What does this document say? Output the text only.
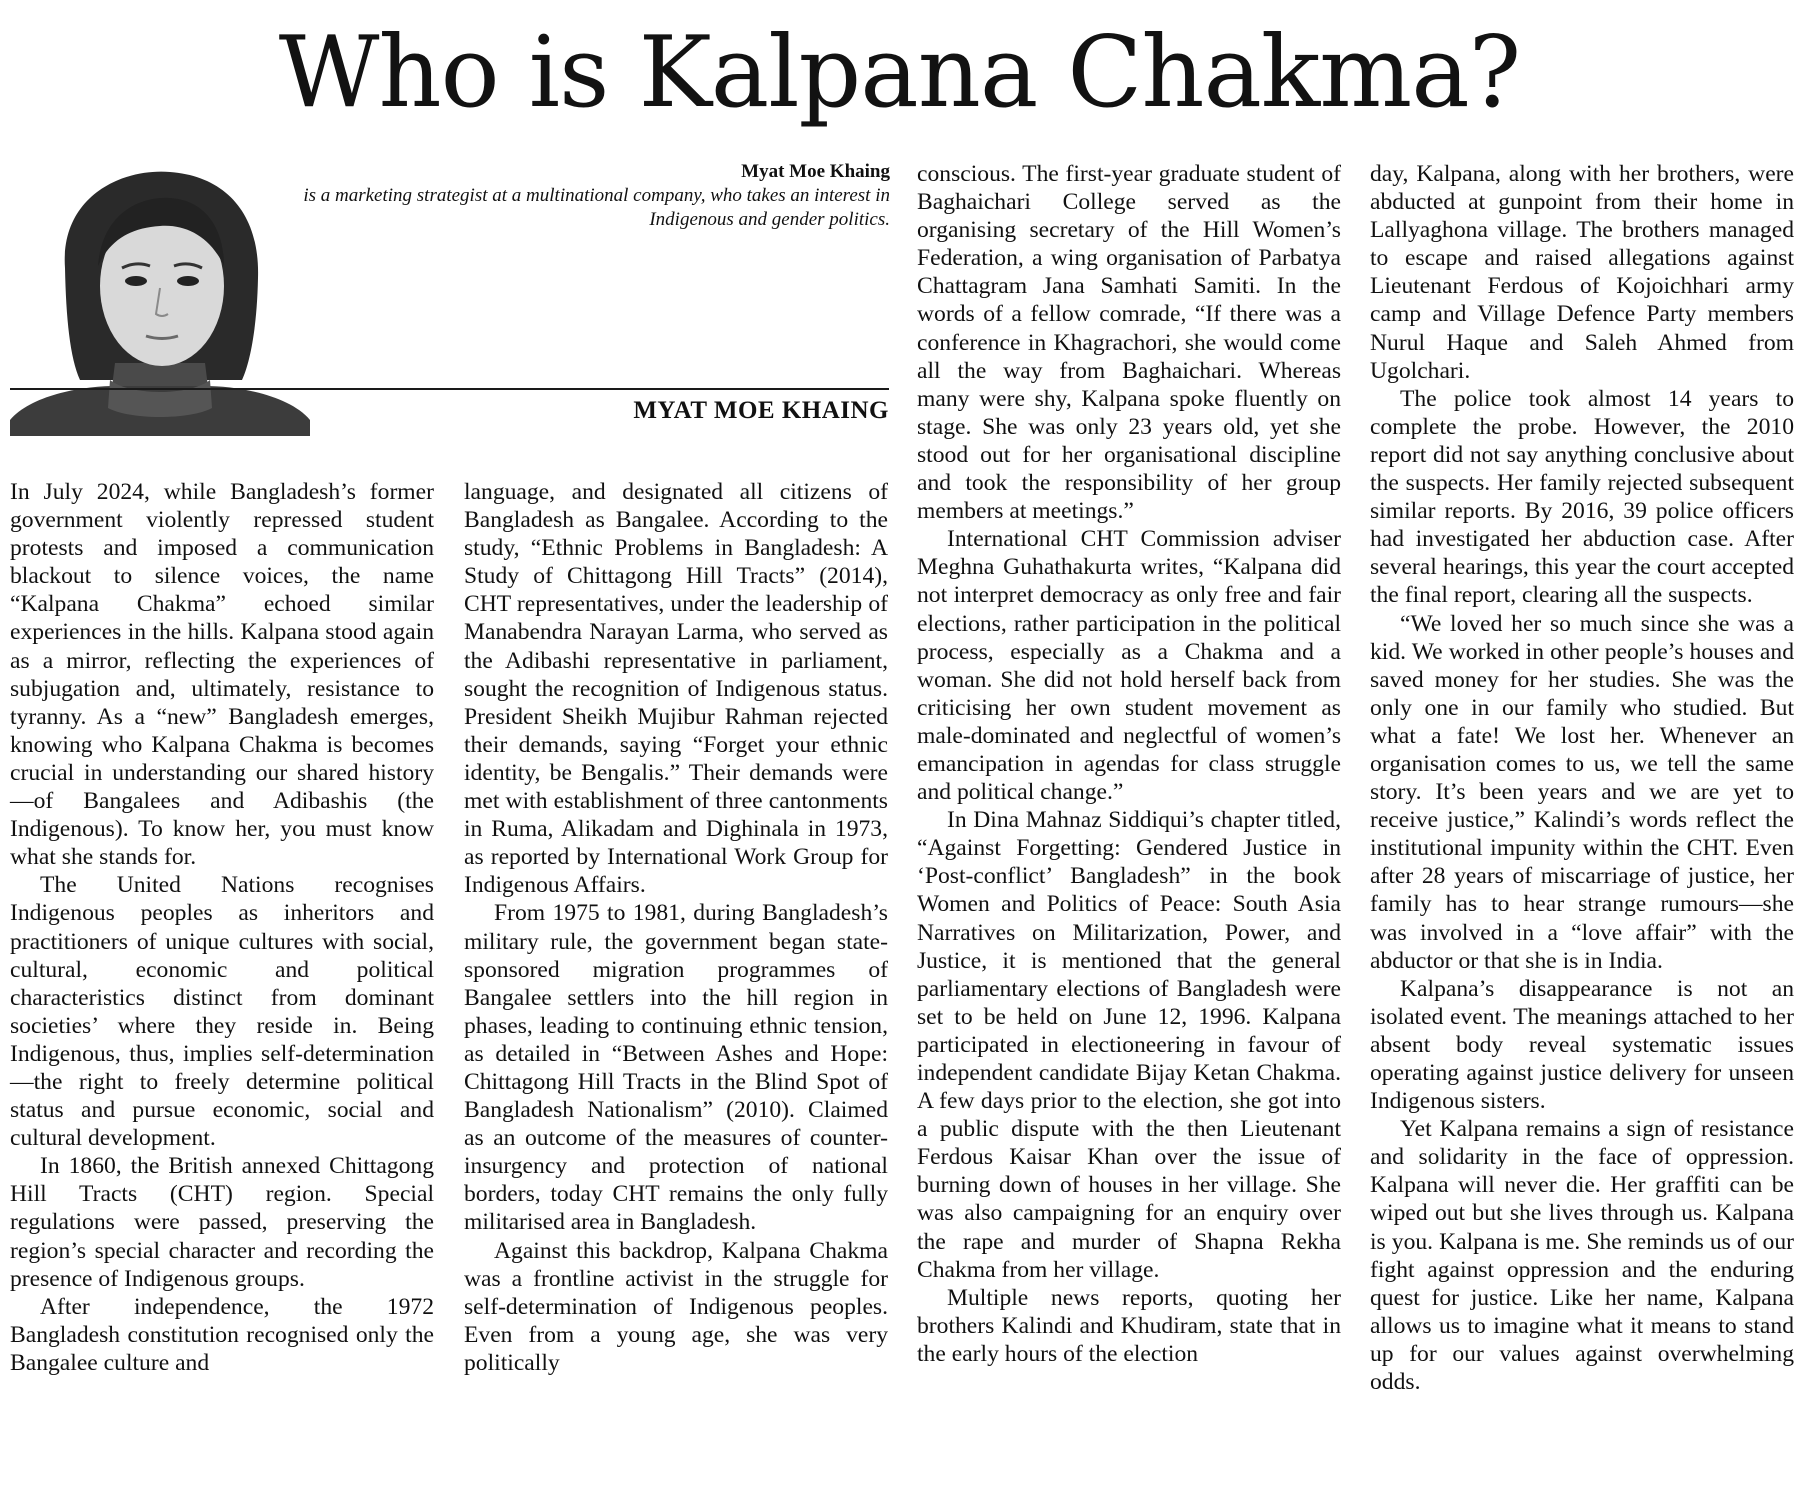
Who is Kalpana Chakma?
Myat Moe Khaing
is a marketing strategist at a multinational company, who takes an interest in Indigenous and gender politics.
MYAT MOE KHAING

In July 2024, while Bangladesh’s former government violently repressed student protests and imposed a communication blackout to silence voices, the name “Kalpana Chakma” echoed similar experiences in the hills. Kalpana stood again as a mirror, reflecting the experiences of subjugation and, ultimately, resistance to tyranny. As a “new” Bangladesh emerges, knowing who Kalpana Chakma is becomes crucial in understanding our shared history—of Bangalees and Adibashis (the Indigenous). To know her, you must know what she stands for.

The United Nations recognises Indigenous peoples as inheritors and practitioners of unique cultures with social, cultural, economic and political characteristics distinct from dominant societies’ where they reside in. Being Indigenous, thus, implies self-determination—the right to freely determine political status and pursue economic, social and cultural development.

In 1860, the British annexed Chittagong Hill Tracts (CHT) region. Special regulations were passed, preserving the region’s special character and recording the presence of Indigenous groups.

After independence, the 1972 Bangladesh constitution recognised only the Bangalee culture and

language, and designated all citizens of Bangladesh as Bangalee. According to the study, “Ethnic Problems in Bangladesh: A Study of Chittagong Hill Tracts” (2014), CHT representatives, under the leadership of Manabendra Narayan Larma, who served as the Adibashi representative in parliament, sought the recognition of Indigenous status. President Sheikh Mujibur Rahman rejected their demands, saying “Forget your ethnic identity, be Bengalis.” Their demands were met with establishment of three cantonments in Ruma, Alikadam and Dighinala in 1973, as reported by International Work Group for Indigenous Affairs.

From 1975 to 1981, during Bangladesh’s military rule, the government began state-sponsored migration programmes of Bangalee settlers into the hill region in phases, leading to continuing ethnic tension, as detailed in “Between Ashes and Hope: Chittagong Hill Tracts in the Blind Spot of Bangladesh Nationalism” (2010). Claimed as an outcome of the measures of counter-insurgency and protection of national borders, today CHT remains the only fully militarised area in Bangladesh.

Against this backdrop, Kalpana Chakma was a frontline activist in the struggle for self-determination of Indigenous peoples. Even from a young age, she was very politically

conscious. The first-year graduate student of Baghaichari College served as the organising secretary of the Hill Women’s Federation, a wing organisation of Parbatya Chattagram Jana Samhati Samiti. In the words of a fellow comrade, “If there was a conference in Khagrachori, she would come all the way from Baghaichari. Whereas many were shy, Kalpana spoke fluently on stage. She was only 23 years old, yet she stood out for her organisational discipline and took the responsibility of her group members at meetings.”

International CHT Commission adviser Meghna Guhathakurta writes, “Kalpana did not interpret democracy as only free and fair elections, rather participation in the political process, especially as a Chakma and a woman. She did not hold herself back from criticising her own student movement as male-dominated and neglectful of women’s emancipation in agendas for class struggle and political change.”

In Dina Mahnaz Siddiqui’s chapter titled, “Against Forgetting: Gendered Justice in ‘Post-conflict’ Bangladesh” in the book Women and Politics of Peace: South Asia Narratives on Militarization, Power, and Justice, it is mentioned that the general parliamentary elections of Bangladesh were set to be held on June 12, 1996. Kalpana participated in electioneering in favour of independent candidate Bijay Ketan Chakma. A few days prior to the election, she got into a public dispute with the then Lieutenant Ferdous Kaisar Khan over the issue of burning down of houses in her village. She was also campaigning for an enquiry over the rape and murder of Shapna Rekha Chakma from her village.

Multiple news reports, quoting her brothers Kalindi and Khudiram, state that in the early hours of the election

day, Kalpana, along with her brothers, were abducted at gunpoint from their home in Lallyaghona village. The brothers managed to escape and raised allegations against Lieutenant Ferdous of Kojoichhari army camp and Village Defence Party members Nurul Haque and Saleh Ahmed from Ugolchari.

The police took almost 14 years to complete the probe. However, the 2010 report did not say anything conclusive about the suspects. Her family rejected subsequent similar reports. By 2016, 39 police officers had investigated her abduction case. After several hearings, this year the court accepted the final report, clearing all the suspects.

“We loved her so much since she was a kid. We worked in other people’s houses and saved money for her studies. She was the only one in our family who studied. But what a fate! We lost her. Whenever an organisation comes to us, we tell the same story. It’s been years and we are yet to receive justice,” Kalindi’s words reflect the institutional impunity within the CHT. Even after 28 years of miscarriage of justice, her family has to hear strange rumours—she was involved in a “love affair” with the abductor or that she is in India.

Kalpana’s disappearance is not an isolated event. The meanings attached to her absent body reveal systematic issues operating against justice delivery for unseen Indigenous sisters.

Yet Kalpana remains a sign of resistance and solidarity in the face of oppression. Kalpana will never die. Her graffiti can be wiped out but she lives through us. Kalpana is you. Kalpana is me. She reminds us of our fight against oppression and the enduring quest for justice. Like her name, Kalpana allows us to imagine what it means to stand up for our values against overwhelming odds.
